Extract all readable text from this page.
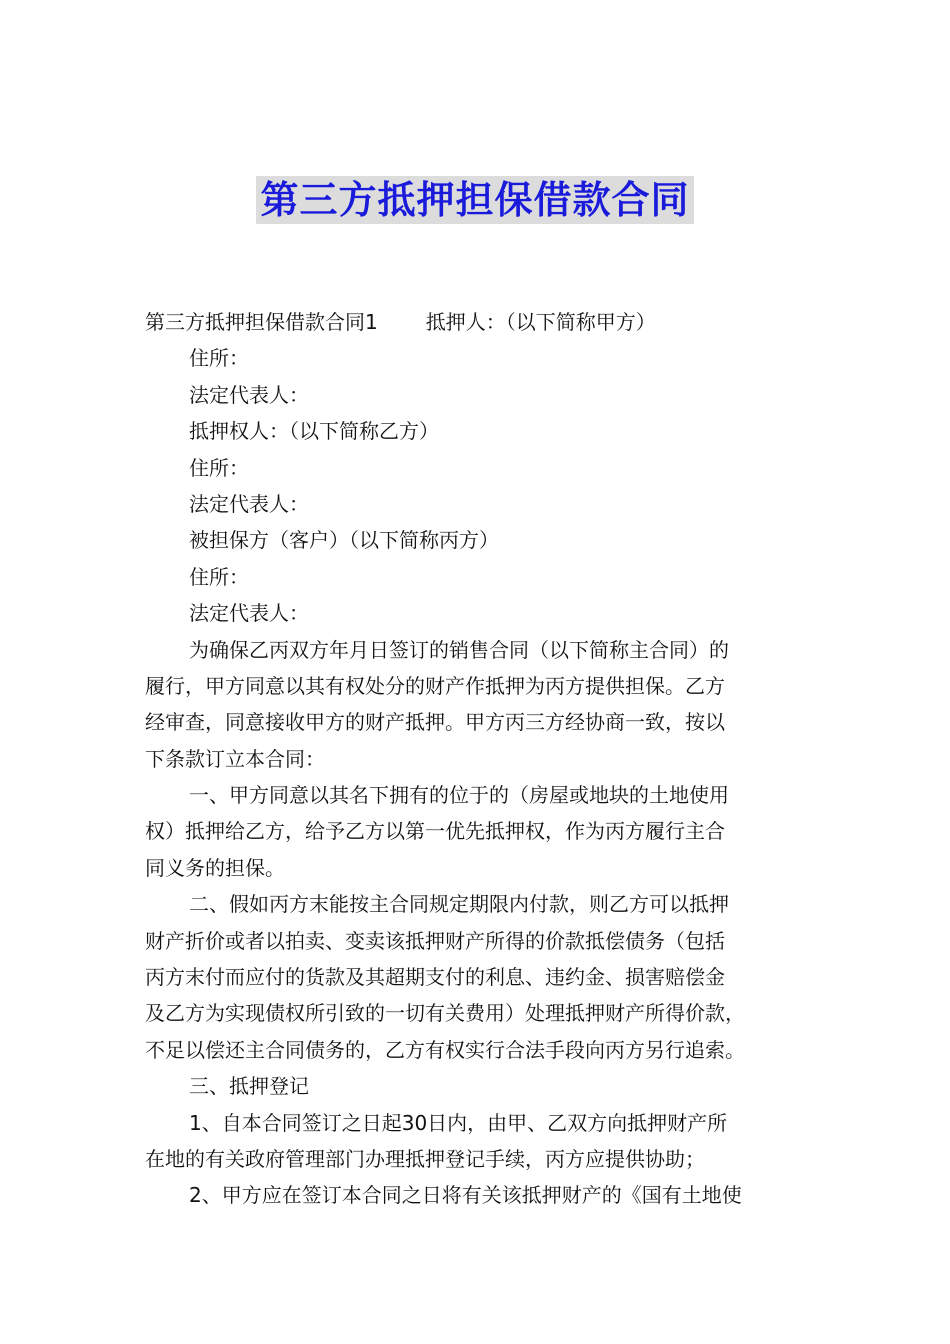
第三方抵押担保借款合同
第三方抵押担保借款合同1 抵押人：（以下简称甲方）
住所：
法定代表人：
抵押权人：（以下简称乙方）
住所：
法定代表人：
被担保方（客户）（以下简称丙方）
住所：
法定代表人：
为确保乙丙双方年月日签订的销售合同（以下简称主合同）的
履行，甲方同意以其有权处分的财产作抵押为丙方提供担保。乙方
经审查，同意接收甲方的财产抵押。甲方丙三方经协商一致，按以
下条款订立本合同：
一、甲方同意以其名下拥有的位于的（房屋或地块的土地使用
权）抵押给乙方，给予乙方以第一优先抵押权，作为丙方履行主合
同义务的担保。
二、假如丙方末能按主合同规定期限内付款，则乙方可以抵押
财产折价或者以拍卖、变卖该抵押财产所得的价款抵偿债务（包括
丙方末付而应付的货款及其超期支付的利息、违约金、损害赔偿金
及乙方为实现债权所引致的一切有关费用）处理抵押财产所得价款，
不足以偿还主合同债务的，乙方有权实行合法手段向丙方另行追索。
三、抵押登记
1、自本合同签订之日起30日内，由甲、乙双方向抵押财产所
在地的有关政府管理部门办理抵押登记手续，丙方应提供协助；
2、甲方应在签订本合同之日将有关该抵押财产的《国有土地使
